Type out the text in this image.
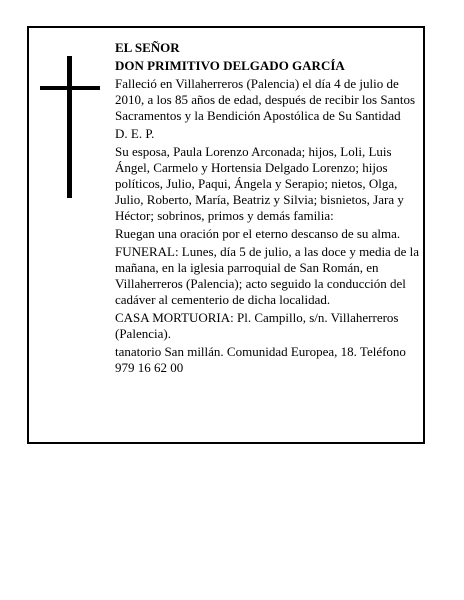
EL SEÑOR

DON PRIMITIVO DELGADO GARCÍA

Falleció en Villaherreros (Palencia) el día 4 de julio de 2010, a los 85 años de edad, después de recibir los Santos Sacramentos y la Bendición Apostólica de Su Santidad

D. E. P.

Su esposa, Paula Lorenzo Arconada; hijos, Loli, Luis Ángel, Carmelo y Hortensia Delgado Lorenzo; hijos políticos, Julio, Paqui, Ángela y Serapio; nietos, Olga, Julio, Roberto, María, Beatriz y Silvia; bisnietos, Jara y Héctor; sobrinos, primos y demás familia:

Ruegan una oración por el eterno descanso de su alma.

FUNERAL: Lunes, día 5 de julio, a las doce y media de la mañana, en la iglesia parroquial de San Román, en Villaherreros (Palencia); acto seguido la conducción del cadáver al cementerio de dicha localidad.

CASA MORTUORIA: Pl. Campillo, s/n. Villaherreros (Palencia).

tanatorio San millán. Comunidad Europea, 18. Teléfono 979 16 62 00
